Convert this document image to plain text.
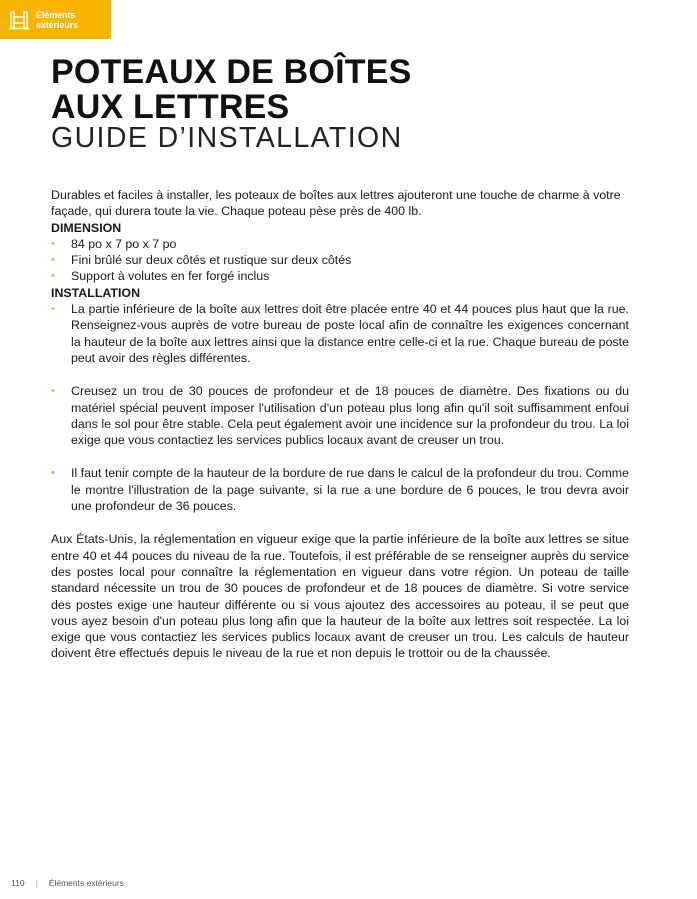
Éléments
extérieurs
POTEAUX DE BOÎTES
AUX LETTRES
GUIDE D’INSTALLATION

Durables et faciles à installer, les poteaux de boîtes aux lettres ajouteront une touche de charme à votre façade, qui durera toute la vie. Chaque poteau pèse près de 400 lb.

DIMENSION

• 84 po x 7 po x 7 po
• Fini brûlé sur deux côtés et rustique sur deux côtés
• Support à volutes en fer forgé inclus

INSTALLATION

• La partie inférieure de la boîte aux lettres doit être placée entre 40 et 44 pouces plus haut que la rue. Renseignez-vous auprès de votre bureau de poste local afin de connaître les exigences concernant la hauteur de la boîte aux lettres ainsi que la distance entre celle-ci et la rue. Chaque bureau de poste peut avoir des règles différentes.
• Creusez un trou de 30 pouces de profondeur et de 18 pouces de diamètre. Des fixations ou du matériel spécial peuvent imposer l'utilisation d'un poteau plus long afin qu'il soit suffisamment enfoui dans le sol pour être stable. Cela peut également avoir une incidence sur la profondeur du trou. La loi exige que vous contactiez les services publics locaux avant de creuser un trou.
• Il faut tenir compte de la hauteur de la bordure de rue dans le calcul de la profondeur du trou. Comme le montre l'illustration de la page suivante, si la rue a une bordure de 6 pouces, le trou devra avoir une profondeur de 36 pouces.

Aux États-Unis, la réglementation en vigueur exige que la partie inférieure de la boîte aux lettres se situe entre 40 et 44 pouces du niveau de la rue. Toutefois, il est préférable de se renseigner auprès du service des postes local pour connaître la réglementation en vigueur dans votre région. Un poteau de taille standard nécessite un trou de 30 pouces de profondeur et de 18 pouces de diamètre. Si votre service des postes exige une hauteur différente ou si vous ajoutez des accessoires au poteau, il se peut que vous ayez besoin d'un poteau plus long afin que la hauteur de la boîte aux lettres soit respectée. La loi exige que vous contactiez les services publics locaux avant de creuser un trou. Les calculs de hauteur doivent être effectués depuis le niveau de la rue et non depuis le trottoir ou de la chaussée.

110 | Éléments extérieurs
